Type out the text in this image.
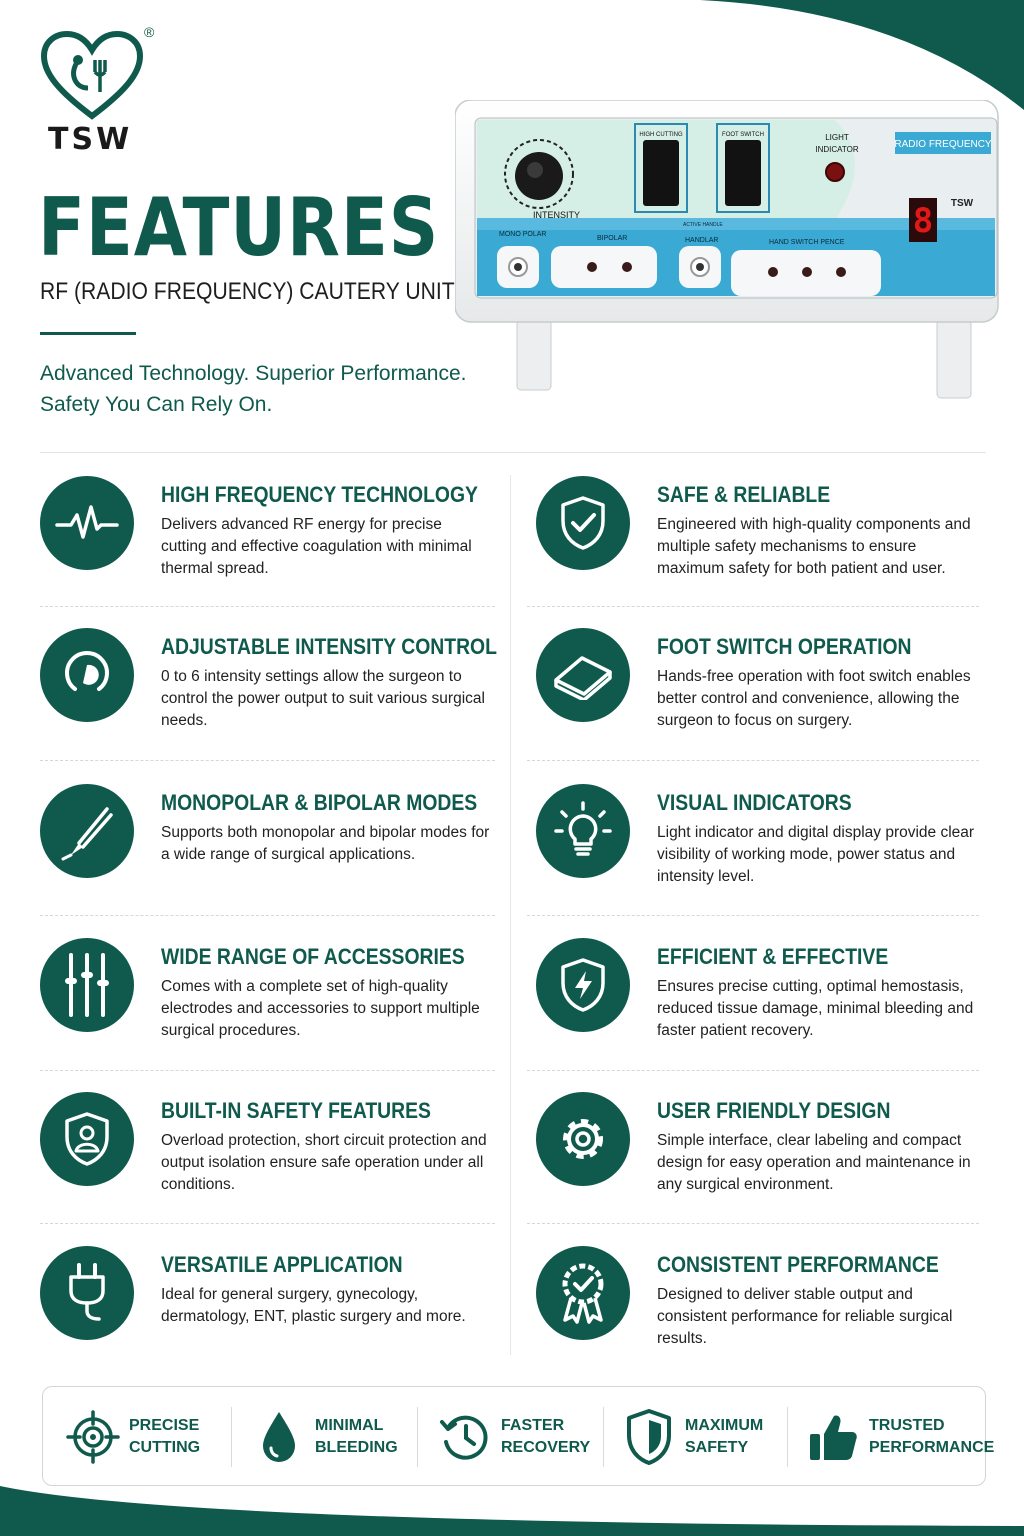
®
TSW
FEATURES
RF (RADIO FREQUENCY) CAUTERY UNIT
Advanced Technology. Superior Performance.
Safety You Can Rely On.
RADIO FREQUENCY
INTENSITY
HIGH CUTTING	FOOT SWITCH	LIGHT
INDICATOR
TSW
8
MONO POLAR
BIPOLAR
ACTIVE HANDLE
HANDLAR	HAND SWITCH PENCE
HIGH FREQUENCY TECHNOLOGY
Delivers advanced RF energy for precise cutting and effective coagulation with minimal thermal spread.
SAFE & RELIABLE
Engineered with high-quality components and multiple safety mechanisms to ensure maximum safety for both patient and user.
ADJUSTABLE INTENSITY CONTROL
0 to 6 intensity settings allow the surgeon to control the power output to suit various surgical needs.
FOOT SWITCH OPERATION
Hands-free operation with foot switch enables better control and convenience, allowing the surgeon to focus on surgery.
MONOPOLAR & BIPOLAR MODES
Supports both monopolar and bipolar modes for a wide range of surgical applications.
VISUAL INDICATORS
Light indicator and digital display provide clear visibility of working mode, power status and intensity level.
WIDE RANGE OF ACCESSORIES
Comes with a complete set of high-quality electrodes and accessories to support multiple surgical procedures.
EFFICIENT & EFFECTIVE
Ensures precise cutting, optimal hemostasis, reduced tissue damage, minimal bleeding and faster patient recovery.
BUILT-IN SAFETY FEATURES
Overload protection, short circuit protection and output isolation ensure safe operation under all conditions.
USER FRIENDLY DESIGN
Simple interface, clear labeling and compact design for easy operation and maintenance in any surgical environment.
VERSATILE APPLICATION
Ideal for general surgery, gynecology, dermatology, ENT, plastic surgery and more.
CONSISTENT PERFORMANCE
Designed to deliver stable output and consistent performance for reliable surgical results.
PRECISE
CUTTING
MINIMAL
BLEEDING
FASTER
RECOVERY
MAXIMUM
SAFETY
TRUSTED
PERFORMANCE
